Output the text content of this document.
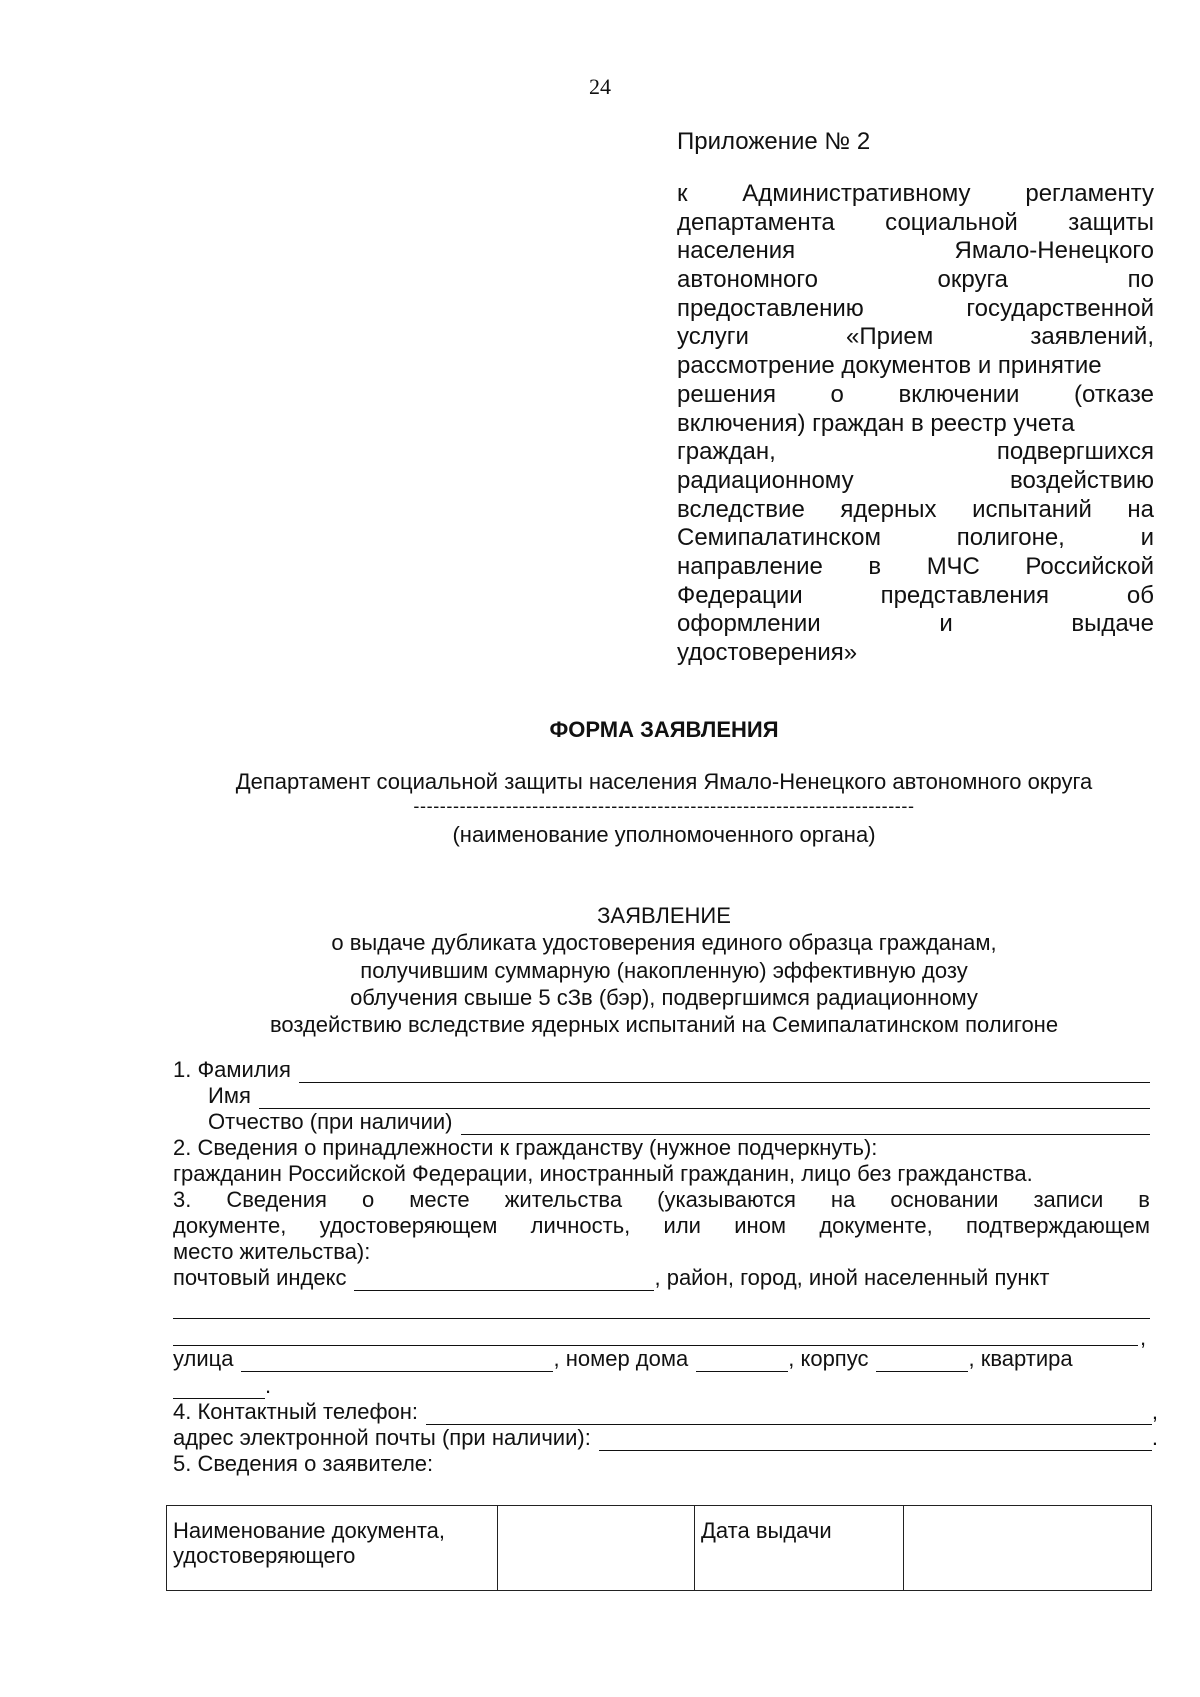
24
Приложение № 2
к Административному регламенту
департамента социальной защиты
населения Ямало-Ненецкого
автономного округа по
предоставлению государственной
услуги «Прием заявлений,
рассмотрение документов и принятие
решения о включении (отказе
включения) граждан в реестр учета
граждан, подвергшихся
радиационному воздействию
вследствие ядерных испытаний на
Семипалатинском полигоне, и
направление в МЧС Российской
Федерации представления об
оформлении и выдаче
удостоверения»
ФОРМА ЗАЯВЛЕНИЯ
Департамент социальной защиты населения Ямало-Ненецкого автономного округа
----------------------------------------------------------------------------
(наименование уполномоченного органа)
ЗАЯВЛЕНИЕ
о выдаче дубликата удостоверения единого образца гражданам,
получившим суммарную (накопленную) эффективную дозу
облучения свыше 5 сЗв (бэр), подвергшимся радиационному
воздействию вследствие ядерных испытаний на Семипалатинском полигоне
1. Фамилия
Имя
Отчество (при наличии)
2. Сведения о принадлежности к гражданству (нужное подчеркнуть):
гражданин Российской Федерации, иностранный гражданин, лицо без гражданства.
3. Сведения о месте жительства (указываются на основании записи в
документе, удостоверяющем личность, или ином документе, подтверждающем
место жительства):
почтовый индекс	, район, город, иной населенный пункт
,
улица	, номер дома	, корпус	, квартира
.
4. Контактный телефон:	,
адрес электронной почты (при наличии):	.
5. Сведения о заявителе:
Наименование документа, удостоверяющего		Дата выдачи	
